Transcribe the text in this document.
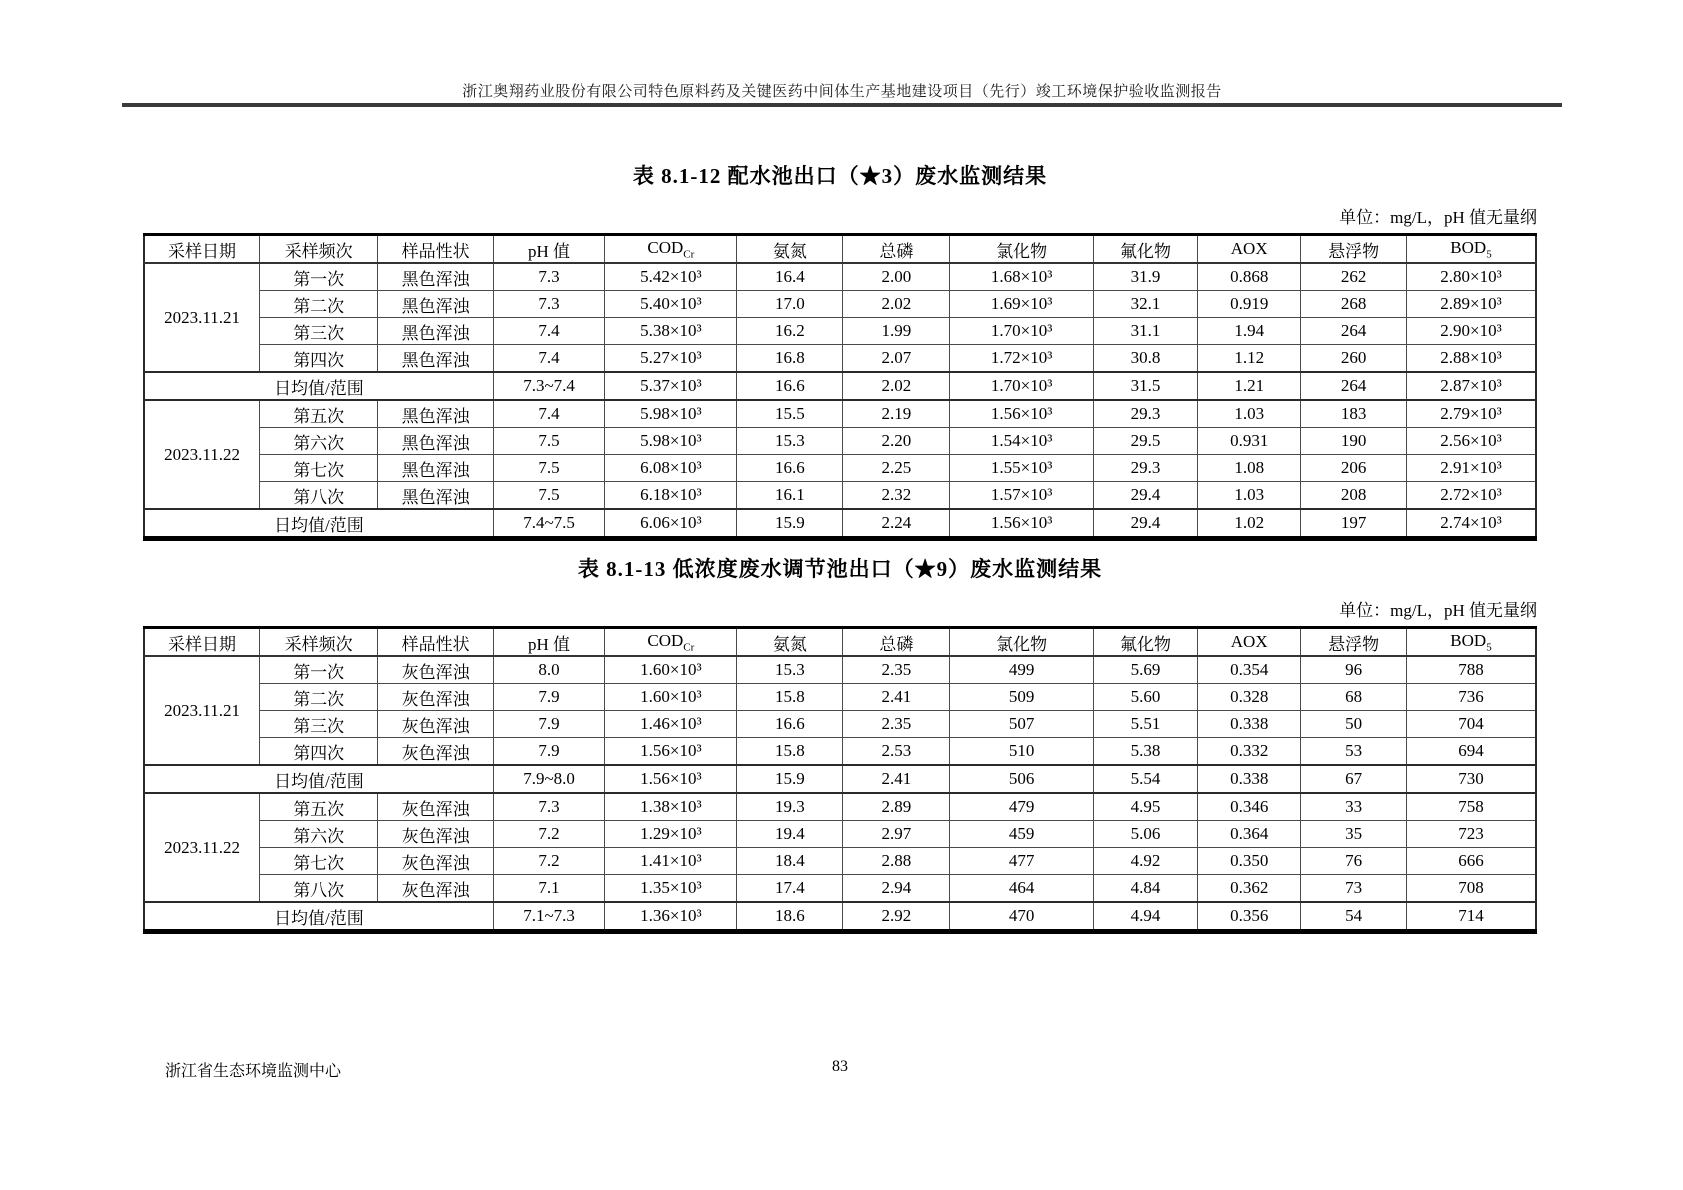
浙江奥翔药业股份有限公司特色原料药及关键医药中间体生产基地建设项目（先行）竣工环境保护验收监测报告
表 8.1-12 配水池出口（★3）废水监测结果
单位：mg/L，pH 值无量纲
采样日期	采样频次	样品性状	pH 值	$COD_{Cr}$	氨氮	总磷	氯化物	氟化物	AOX	悬浮物	$BOD_5$
2023.11.21	第一次	黑色浑浊	7.3	5.42×10³	16.4	2.00	1.68×10³	31.9	0.868	262	2.80×10³
	第二次	黑色浑浊	7.3	5.40×10³	17.0	2.02	1.69×10³	32.1	0.919	268	2.89×10³
	第三次	黑色浑浊	7.4	5.38×10³	16.2	1.99	1.70×10³	31.1	1.94	264	2.90×10³
	第四次	黑色浑浊	7.4	5.27×10³	16.8	2.07	1.72×10³	30.8	1.12	260	2.88×10³
日均值/范围			7.3~7.4	5.37×10³	16.6	2.02	1.70×10³	31.5	1.21	264	2.87×10³
2023.11.22	第五次	黑色浑浊	7.4	5.98×10³	15.5	2.19	1.56×10³	29.3	1.03	183	2.79×10³
	第六次	黑色浑浊	7.5	5.98×10³	15.3	2.20	1.54×10³	29.5	0.931	190	2.56×10³
	第七次	黑色浑浊	7.5	6.08×10³	16.6	2.25	1.55×10³	29.3	1.08	206	2.91×10³
	第八次	黑色浑浊	7.5	6.18×10³	16.1	2.32	1.57×10³	29.4	1.03	208	2.72×10³
日均值/范围			7.4~7.5	6.06×10³	15.9	2.24	1.56×10³	29.4	1.02	197	2.74×10³
表 8.1-13 低浓度废水调节池出口（★9）废水监测结果
单位：mg/L，pH 值无量纲
采样日期	采样频次	样品性状	pH 值	$COD_{Cr}$	氨氮	总磷	氯化物	氟化物	AOX	悬浮物	$BOD_5$
2023.11.21	第一次	灰色浑浊	8.0	1.60×10³	15.3	2.35	499	5.69	0.354	96	788
	第二次	灰色浑浊	7.9	1.60×10³	15.8	2.41	509	5.60	0.328	68	736
	第三次	灰色浑浊	7.9	1.46×10³	16.6	2.35	507	5.51	0.338	50	704
	第四次	灰色浑浊	7.9	1.56×10³	15.8	2.53	510	5.38	0.332	53	694
日均值/范围			7.9~8.0	1.56×10³	15.9	2.41	506	5.54	0.338	67	730
2023.11.22	第五次	灰色浑浊	7.3	1.38×10³	19.3	2.89	479	4.95	0.346	33	758
	第六次	灰色浑浊	7.2	1.29×10³	19.4	2.97	459	5.06	0.364	35	723
	第七次	灰色浑浊	7.2	1.41×10³	18.4	2.88	477	4.92	0.350	76	666
	第八次	灰色浑浊	7.1	1.35×10³	17.4	2.94	464	4.84	0.362	73	708
日均值/范围			7.1~7.3	1.36×10³	18.6	2.92	470	4.94	0.356	54	714
浙江省生态环境监测中心	83
